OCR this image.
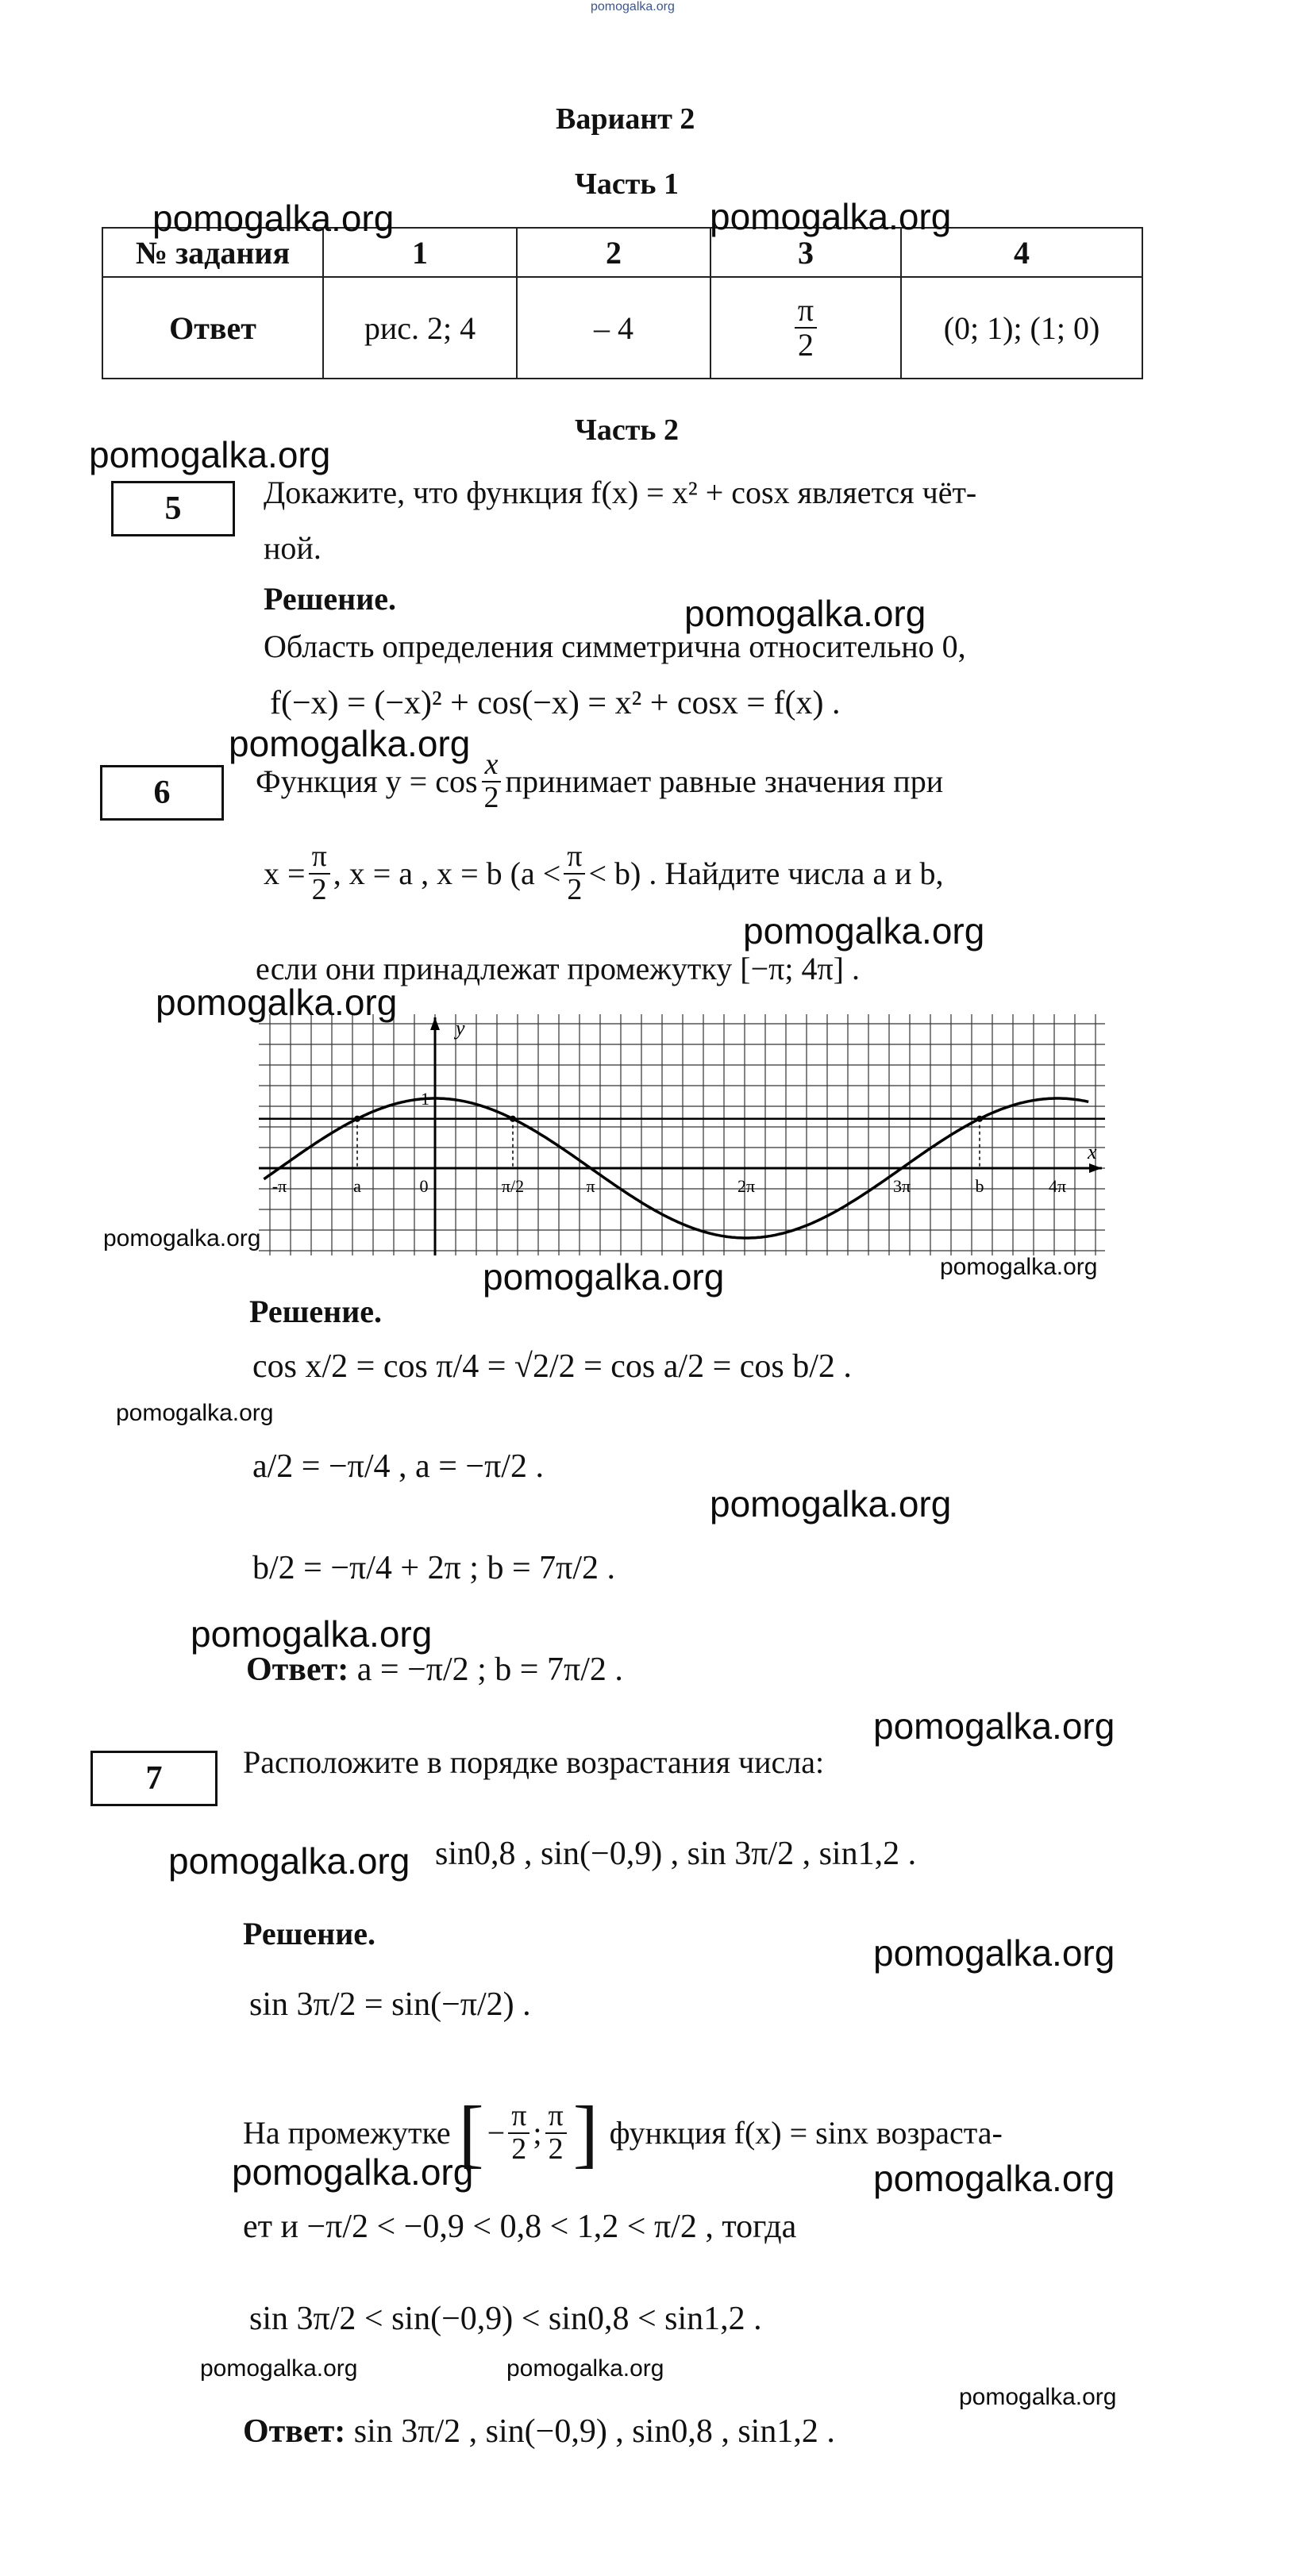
pomogalka.org
Вариант 2
Часть 1
№ задания	1	2	3	4
Ответ	рис. 2; 4	– 4	$\frac{\pi}{2}$	(0; 1); (1; 0)
Часть 2
5	Докажите, что функция f(x) = x² + cosx является чёт-
ной.
Решение.
Область определения симметрична относительно 0,
f(−x) = (−x)² + cos(−x) = x² + cosx = f(x) .
6	Функция $y = \cos \frac{x}{2}$ принимает равные значения при
$x = \frac{\pi}{2}$ , x = a , x = b $(a < \frac{\pi}{2} < b)$ . Найдите числа a и b,
если они принадлежат промежутку [−π; 4π] .
-π	a	0	π/2	π	2π	3π	b	4π
y
x
1
Решение.
cos x/2 = cos π/4 = √2/2 = cos a/2 = cos b/2 .
a/2 = −π/4 , a = −π/2 .
b/2 = −π/4 + 2π ; b = 7π/2 .
Ответ: a = −π/2 ; b = 7π/2 .
7	Расположите в порядке возрастания числа:
sin0,8 , sin(−0,9) , sin 3π/2 , sin1,2 .
Решение.
sin 3π/2 = sin(−π/2) .
На промежутке [ − $\frac{\pi}{2}$ ; $\frac{\pi}{2}$ ] функция f(x) = sinx возраста-
ет и −π/2 < −0,9 < 0,8 < 1,2 < π/2 , тогда
sin 3π/2 < sin(−0,9) < sin0,8 < sin1,2 .
Ответ: sin 3π/2 , sin(−0,9) , sin0,8 , sin1,2 .
pomogalka.org	pomogalka.org
pomogalka.org
pomogalka.org
pomogalka.org
pomogalka.org
pomogalka.org
pomogalka.org
pomogalka.org	pomogalka.org
pomogalka.org
pomogalka.org
pomogalka.org
pomogalka.org
pomogalka.org
pomogalka.org
pomogalka.org	pomogalka.org
pomogalka.org	pomogalka.org
pomogalka.org
